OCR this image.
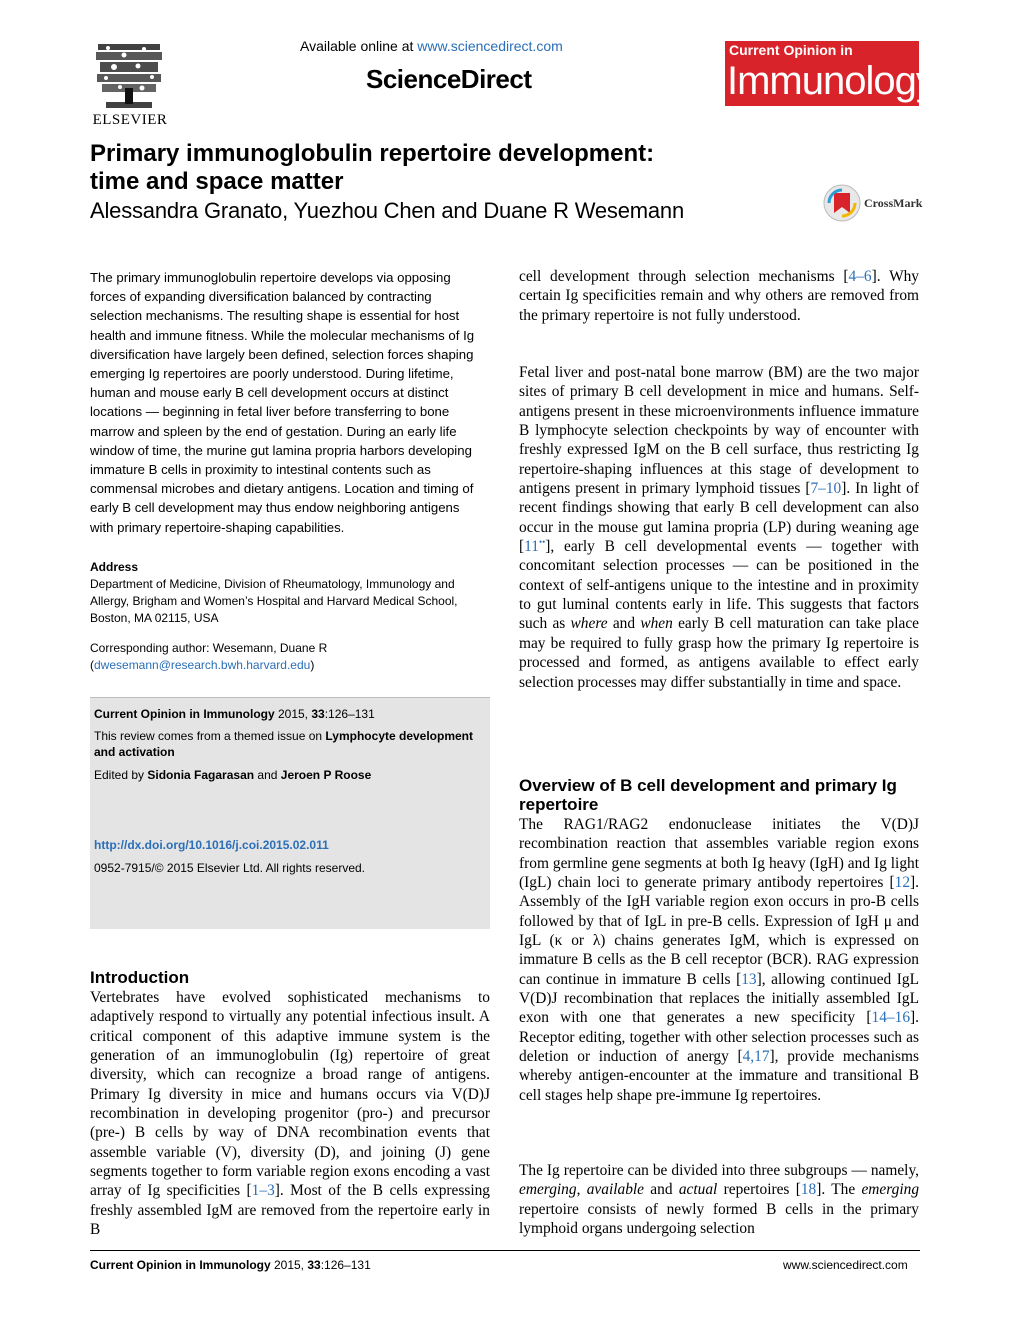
ELSEVIER
Available online at www.sciencedirect.com
ScienceDirect
Current Opinion in
Immunology
Primary immunoglobulin repertoire development:
time and space matter
Alessandra Granato, Yuezhou Chen and Duane R Wesemann	CrossMark
The primary immunoglobulin repertoire develops via opposing forces of expanding diversification balanced by contracting selection mechanisms. The resulting shape is essential for host health and immune fitness. While the molecular mechanisms of Ig diversification have largely been defined, selection forces shaping emerging Ig repertoires are poorly understood. During lifetime, human and mouse early B cell development occurs at distinct locations — beginning in fetal liver before transferring to bone marrow and spleen by the end of gestation. During an early life window of time, the murine gut lamina propria harbors developing immature B cells in proximity to intestinal contents such as commensal microbes and dietary antigens. Location and timing of early B cell development may thus endow neighboring antigens with primary repertoire-shaping capabilities.
Address
Department of Medicine, Division of Rheumatology, Immunology and Allergy, Brigham and Women’s Hospital and Harvard Medical School, Boston, MA 02115, USA
Corresponding author: Wesemann, Duane R
(dwesemann@research.bwh.harvard.edu)
Current Opinion in Immunology 2015, 33:126–131
This review comes from a themed issue on Lymphocyte development and activation
Edited by Sidonia Fagarasan and Jeroen P Roose
http://dx.doi.org/10.1016/j.coi.2015.02.011
0952-7915/© 2015 Elsevier Ltd. All rights reserved.
Introduction

Vertebrates have evolved sophisticated mechanisms to adaptively respond to virtually any potential infectious insult. A critical component of this adaptive immune system is the generation of an immunoglobulin (Ig) repertoire of great diversity, which can recognize a broad range of antigens. Primary Ig diversity in mice and humans occurs via V(D)J recombination in developing progenitor (pro-) and precursor (pre-) B cells by way of DNA recombination events that assemble variable (V), diversity (D), and joining (J) gene segments together to form variable region exons encoding a vast array of Ig specificities [1–3]. Most of the B cells expressing freshly assembled IgM are removed from the repertoire early in B

cell development through selection mechanisms [4–6]. Why certain Ig specificities remain and why others are removed from the primary repertoire is not fully understood.

Fetal liver and post-natal bone marrow (BM) are the two major sites of primary B cell development in mice and humans. Self-antigens present in these microenvironments influence immature B lymphocyte selection checkpoints by way of encounter with freshly expressed IgM on the B cell surface, thus restricting Ig repertoire-shaping influences at this stage of development to antigens present in primary lymphoid tissues [7–10]. In light of recent findings showing that early B cell development can also occur in the mouse gut lamina propria (LP) during weaning age [11••], early B cell developmental events — together with concomitant selection processes — can be positioned in the context of self-antigens unique to the intestine and in proximity to gut luminal contents early in life. This suggests that factors such as where and when early B cell maturation can take place may be required to fully grasp how the primary Ig repertoire is processed and formed, as antigens available to effect early selection processes may differ substantially in time and space.

Overview of B cell development and primary Ig repertoire

The RAG1/RAG2 endonuclease initiates the V(D)J recombination reaction that assembles variable region exons from germline gene segments at both Ig heavy (IgH) and Ig light (IgL) chain loci to generate primary antibody repertoires [12]. Assembly of the IgH variable region exon occurs in pro-B cells followed by that of IgL in pre-B cells. Expression of IgH μ and IgL (κ or λ) chains generates IgM, which is expressed on immature B cells as the B cell receptor (BCR). RAG expression can continue in immature B cells [13], allowing continued IgL V(D)J recombination that replaces the initially assembled IgL exon with one that generates a new specificity [14–16]. Receptor editing, together with other selection processes such as deletion or induction of anergy [4,17], provide mechanisms whereby antigen-encounter at the immature and transitional B cell stages help shape pre-immune Ig repertoires.

The Ig repertoire can be divided into three subgroups — namely, emerging, available and actual repertoires [18]. The emerging repertoire consists of newly formed B cells in the primary lymphoid organs undergoing selection

Current Opinion in Immunology 2015, 33:126–131	www.sciencedirect.com
